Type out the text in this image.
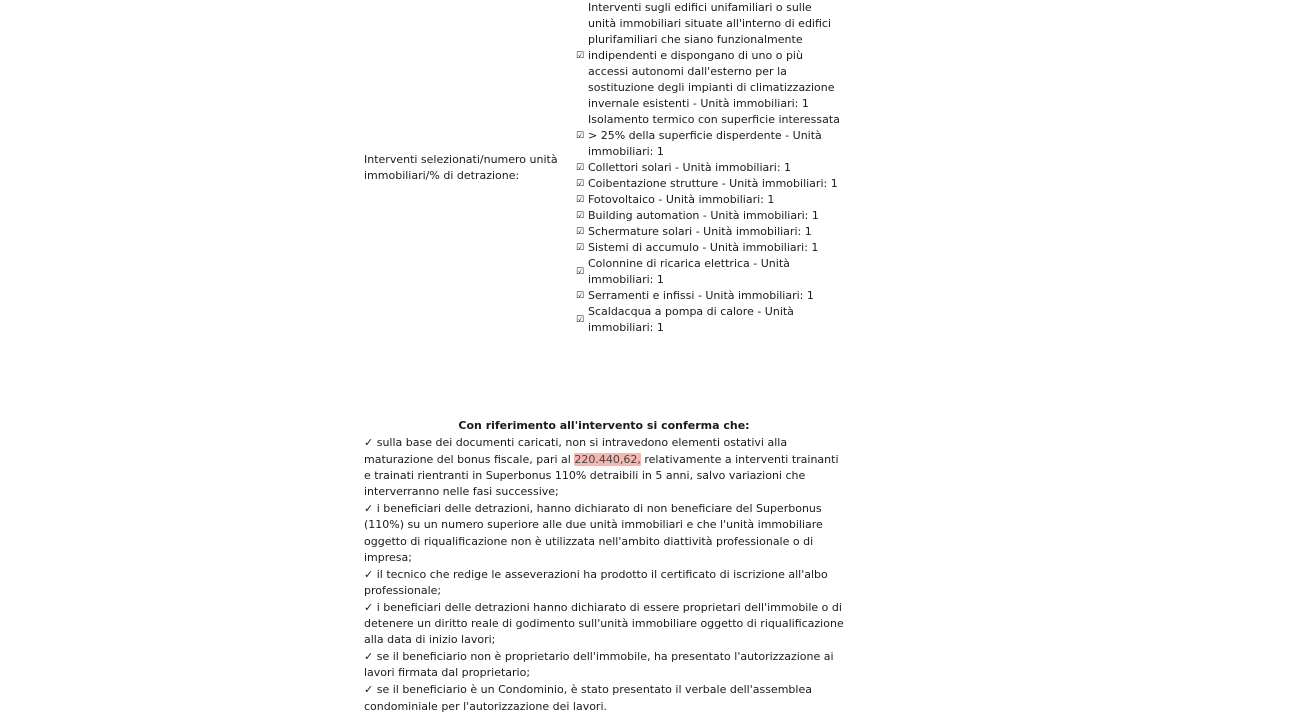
Interventi selezionati/numero unità immobiliari/% di detrazione:
☑
Interventi sugli edifici unifamiliari o sulle unità immobiliari situate all'interno di edifici plurifamiliari che siano funzionalmente indipendenti e dispongano di uno o più accessi autonomi dall'esterno per la sostituzione degli impianti di climatizzazione invernale esistenti - Unità immobiliari: 1
☑
Isolamento termico con superficie interessata > 25% della superficie disperdente - Unità immobiliari: 1
☑ Collettori solari - Unità immobiliari: 1
☑ Coibentazione strutture - Unità immobiliari: 1
☑ Fotovoltaico - Unità immobiliari: 1
☑ Building automation - Unità immobiliari: 1
☑ Schermature solari - Unità immobiliari: 1
☑ Sistemi di accumulo - Unità immobiliari: 1
☑
Colonnine di ricarica elettrica - Unità immobiliari: 1
☑ Serramenti e infissi - Unità immobiliari: 1
☑
Scaldacqua a pompa di calore - Unità immobiliari: 1
Con riferimento all'intervento si conferma che:
✓ sulla base dei documenti caricati, non si intravedono elementi ostativi alla maturazione del bonus fiscale, pari al 220.440,62, relativamente a interventi trainanti e trainati rientranti in Superbonus 110% detraibili in 5 anni, salvo variazioni che interverranno nelle fasi successive;
✓ i beneficiari delle detrazioni, hanno dichiarato di non beneficiare del Superbonus (110%) su un numero superiore alle due unità immobiliari e che l'unità immobiliare oggetto di riqualificazione non è utilizzata nell'ambito diattività professionale o di impresa;
✓ il tecnico che redige le asseverazioni ha prodotto il certificato di iscrizione all'albo professionale;
✓ i beneficiari delle detrazioni hanno dichiarato di essere proprietari dell'immobile o di detenere un diritto reale di godimento sull'unità immobiliare oggetto di riqualificazione alla data di inizio lavori;
✓ se il beneficiario non è proprietario dell'immobile, ha presentato l'autorizzazione ai lavori firmata dal proprietario;
✓ se il beneficiario è un Condominio, è stato presentato il verbale dell'assemblea condominiale per l'autorizzazione dei lavori.
